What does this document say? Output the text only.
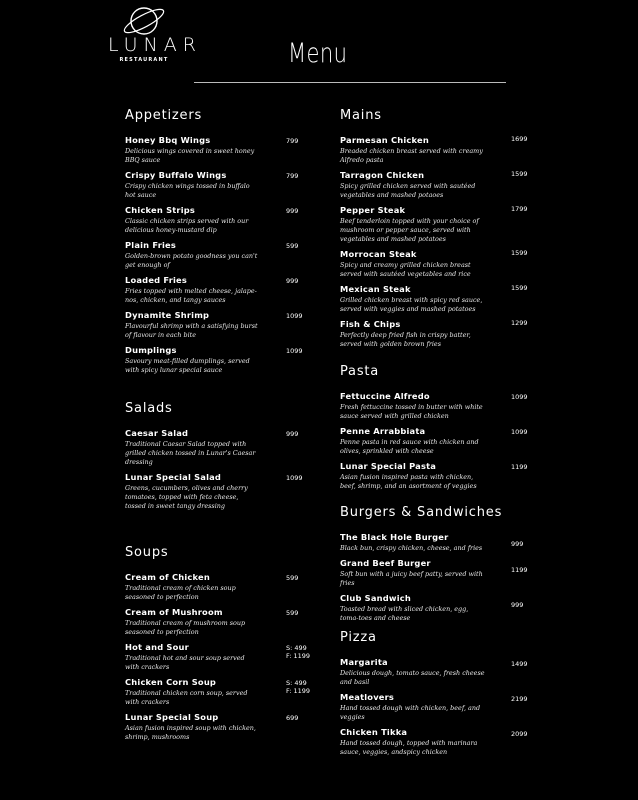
LUNAR
RESTAURANT	Menu
Appetizers
Honey Bbq Wings
Delicious wings covered in sweet honey BBQ sauce
799
Crispy Buffalo Wings
Crispy chicken wings tossed in buffalo hot sauce
799
Chicken Strips
Classic chicken strips served with our delicious honey-mustard dip
999
Plain Fries
Golden-brown potato goodness you can't get enough of
599
Loaded Fries
Fries topped with melted cheese, jalape-nos, chicken, and tangy sauces
999
Dynamite Shrimp
Flavourful shrimp with a satisfying burst of flavour in each bite
1099
Dumplings
Savoury meat-filled dumplings, served with spicy lunar special sauce
1099
Salads
Caesar Salad
Traditional Caesar Salad topped with grilled chicken tossed in Lunar's Caesar dressing
999
Lunar Special Salad
Greens, cucumbers, olives and cherry tomatoes, topped with feta cheese, tossed in sweet tangy dressing
1099
Soups
Cream of Chicken
Traditional cream of chicken soup seasoned to perfection
599
Cream of Mushroom
Traditional cream of mushroom soup seasoned to perfection
599
Hot and Sour
Traditional hot and sour soup served with crackers
S: 499
F: 1199
Chicken Corn Soup
Traditional chicken corn soup, served with crackers
S: 499
F: 1199
Lunar Special Soup
Asian fusion inspired soup with chicken, shrimp, mushrooms
699
Mains
Parmesan Chicken
Breaded chicken breast served with creamy Alfredo pasta
1699
Tarragon Chicken
Spicy grilled chicken served with sautéed vegetables and mashed potaoes
1599
Pepper Steak
Beef tenderloin topped with your choice of mushroom or pepper sauce, served with vegetables and mashed potatoes
1799
Morrocan Steak
Spicy and creamy grilled chicken breast served with sautéed vegetables and rice
1599
Mexican Steak
Grilled chicken breast with spicy red sauce, served with veggies and mashed potatoes
1599
Fish & Chips
Perfectly deep fried fish in crispy batter, served with golden brown fries
1299
Pasta
Fettuccine Alfredo
Fresh fettuccine tossed in butter with white sauce served with grilled chicken
1099
Penne Arrabbiata
Penne pasta in red sauce with chicken and olives, sprinkled with cheese
1099
Lunar Special Pasta
Asian fusion inspired pasta with chicken, beef, shrimp, and an asortment of veggies
1199
Burgers & Sandwiches
The Black Hole Burger
Black bun, crispy chicken, cheese, and fries	999
Grand Beef Burger
Soft bun with a juicy beef patty, served with fries
1199
Club Sandwich
Toasted bread with sliced chicken, egg, toma-toes and cheese
999
Pizza
Margarita
Delicious dough, tomato sauce, fresh cheese and basil
1499
Meatlovers
Hand tossed dough with chicken, beef, and veggies
2199
Chicken Tikka
Hand tossed dough, topped with marinara sauce, veggies, andspicy chicken
2099
